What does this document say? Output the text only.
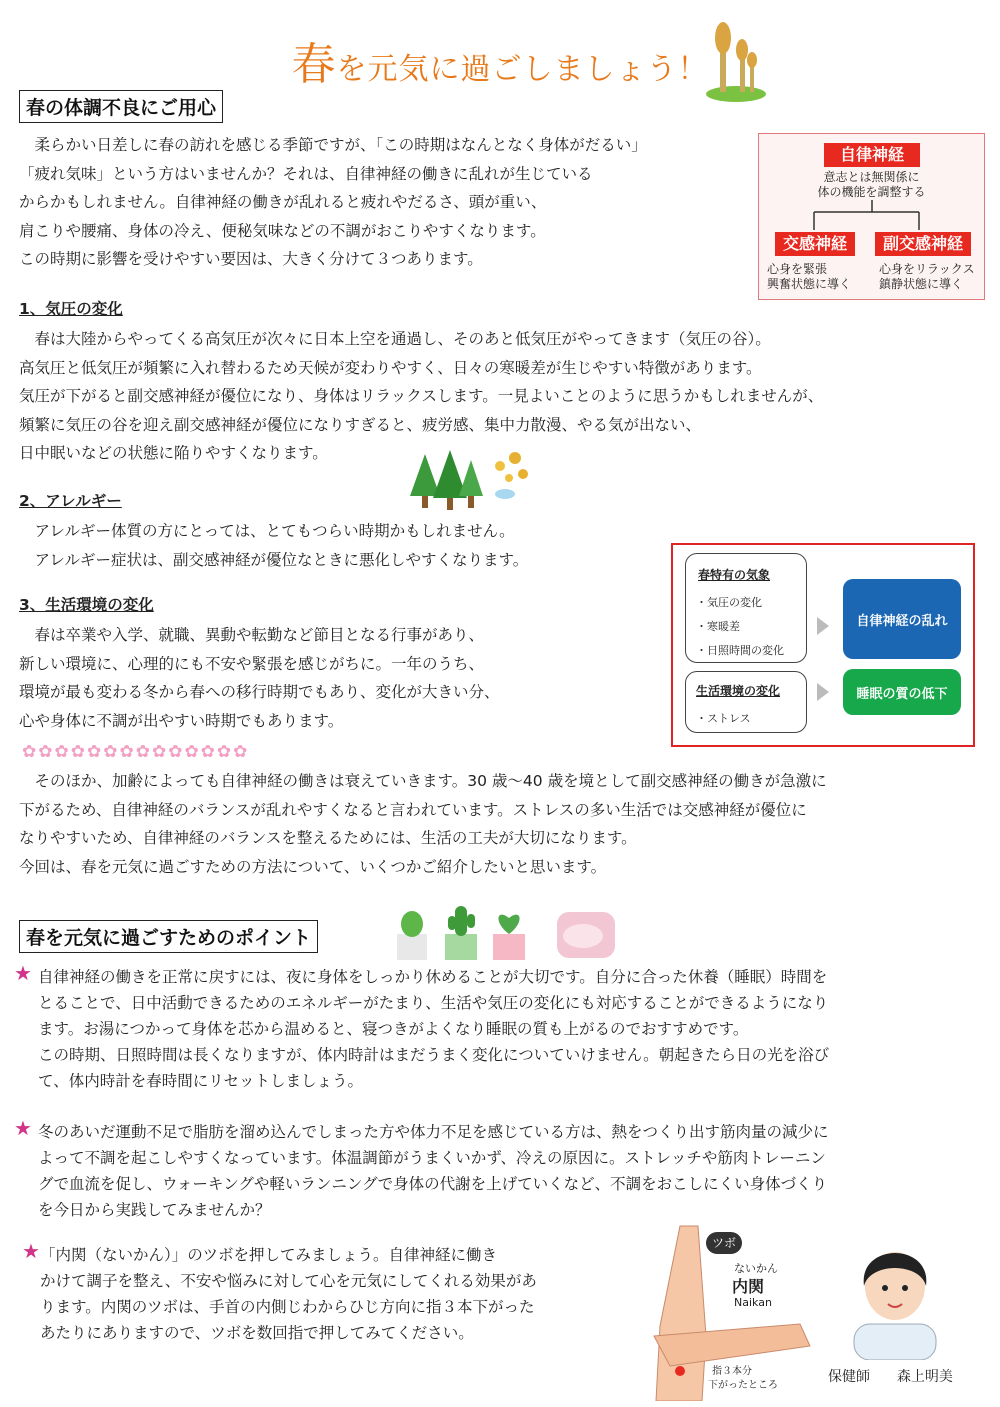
春を元気に過ごしましょう！
春の体調不良にご用心

　柔らかい日差しに春の訪れを感じる季節ですが、「この時期はなんとなく身体がだるい」

「疲れ気味」という方はいませんか？それは、自律神経の働きに乱れが生じている

からかもしれません。自律神経の働きが乱れると疲れやだるさ、頭が重い、

肩こりや腰痛、身体の冷え、便秘気味などの不調がおこりやすくなります。

この時期に影響を受けやすい要因は、大きく分けて３つあります。

自律神経
意志とは無関係に
体の機能を調整する
交感神経	副交感神経
心身を緊張
興奮状態に導く
心身をリラックス
鎮静状態に導く
1、気圧の変化

　春は大陸からやってくる高気圧が次々に日本上空を通過し、そのあと低気圧がやってきます（気圧の谷）。

高気圧と低気圧が頻繁に入れ替わるため天候が変わりやすく、日々の寒暖差が生じやすい特徴があります。

気圧が下がると副交感神経が優位になり、身体はリラックスします。一見よいことのように思うかもしれませんが、

頻繁に気圧の谷を迎え副交感神経が優位になりすぎると、疲労感、集中力散漫、やる気が出ない、

日中眠いなどの状態に陥りやすくなります。

2、アレルギー

　アレルギー体質の方にとっては、とてもつらい時期かもしれません。

　アレルギー症状は、副交感神経が優位なときに悪化しやすくなります。

3、生活環境の変化

　春は卒業や入学、就職、異動や転勤など節目となる行事があり、

新しい環境に、心理的にも不安や緊張を感じがちに。一年のうち、

環境が最も変わる冬から春への移行時期でもあり、変化が大きい分、

心や身体に不調が出やすい時期でもあります。

春特有の気象
・気圧の変化
・寒暖差
・日照時間の変化
生活環境の変化
・ストレス
自律神経の乱れ
睡眠の質の低下
✿✿✿✿✿✿✿✿✿✿✿✿✿✿

　そのほか、加齢によっても自律神経の働きは衰えていきます。30 歳～40 歳を境として副交感神経の働きが急激に

下がるため、自律神経のバランスが乱れやすくなると言われています。ストレスの多い生活では交感神経が優位に

なりやすいため、自律神経のバランスを整えるためには、生活の工夫が大切になります。

今回は、春を元気に過ごすための方法について、いくつかご紹介したいと思います。

春を元気に過ごすためのポイント
★ 自律神経の働きを正常に戻すには、夜に身体をしっかり休めることが大切です。自分に合った休養（睡眠）時間を

とることで、日中活動できるためのエネルギーがたまり、生活や気圧の変化にも対応することができるようになり

ます。お湯につかって身体を芯から温めると、寝つきがよくなり睡眠の質も上がるのでおすすめです。

この時期、日照時間は長くなりますが、体内時計はまだうまく変化についていけません。朝起きたら日の光を浴び

て、体内時計を春時間にリセットしましょう。

★ 冬のあいだ運動不足で脂肪を溜め込んでしまった方や体力不足を感じている方は、熱をつくり出す筋肉量の減少に

よって不調を起こしやすくなっています。体温調節がうまくいかず、冷えの原因に。ストレッチや筋肉トレーニン

グで血流を促し、ウォーキングや軽いランニングで身体の代謝を上げていくなど、不調をおこしにくい身体づくり

を今日から実践してみませんか？

★ 「内関（ないかん）」のツボを押してみましょう。自律神経に働き

かけて調子を整え、不安や悩みに対して心を元気にしてくれる効果があ

ります。内関のツボは、手首の内側じわからひじ方向に指３本下がった

あたりにありますので、ツボを数回指で押してみてください。

ツボ
ないかん
内関
Naikan
指３本分
下がったところ
保健師 森上明美
